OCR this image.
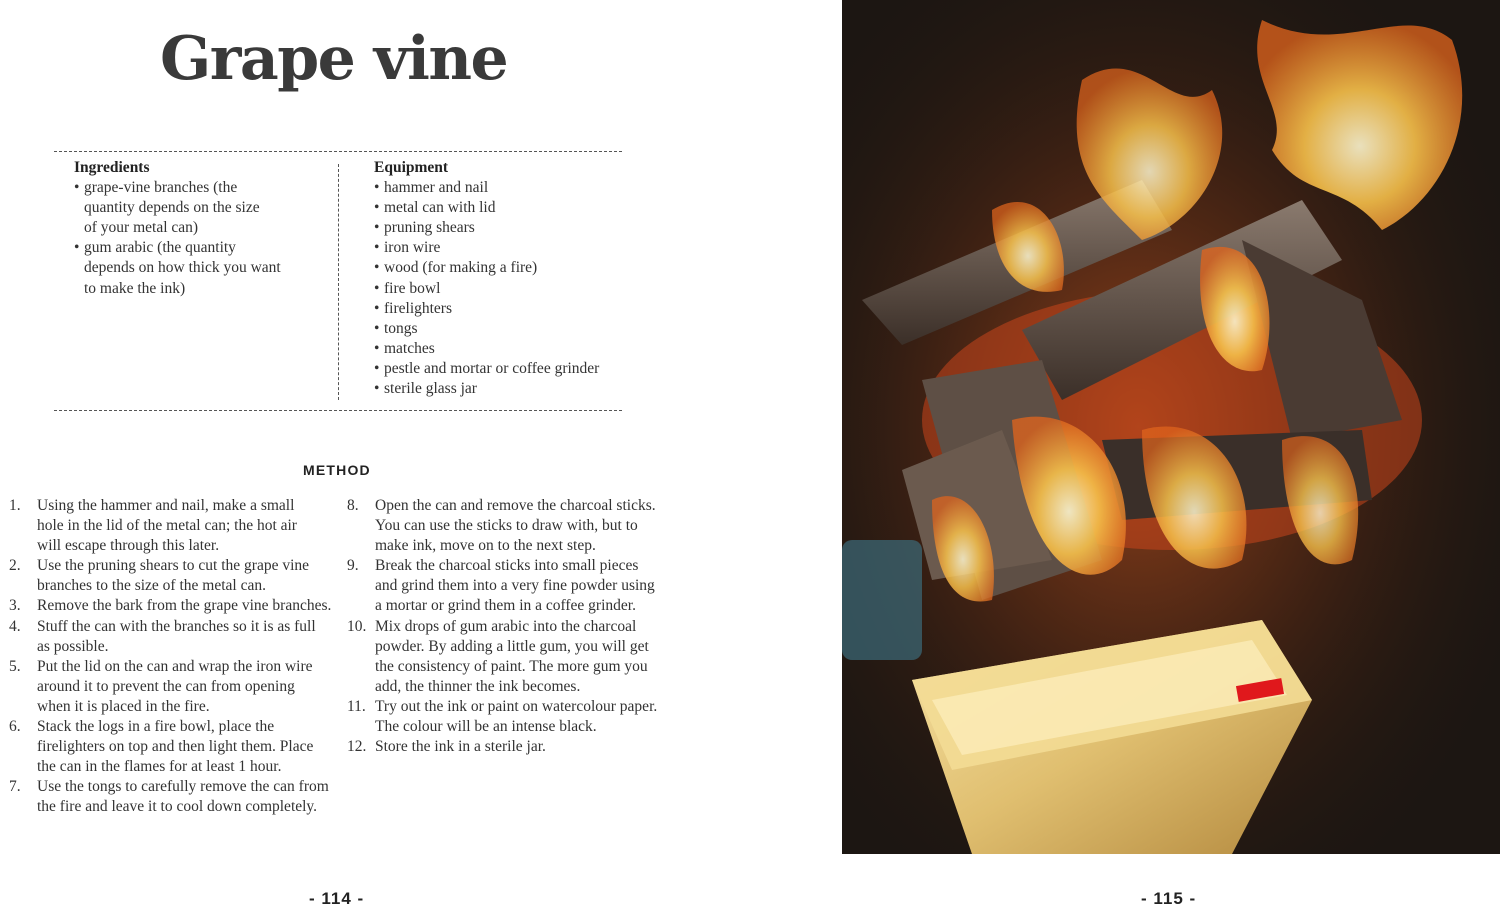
Grape vine
Ingredients
• grape-vine branches (the
quantity depends on the size
of your metal can)
• gum arabic (the quantity
depends on how thick you want
to make the ink)
Equipment
• hammer and nail
• metal can with lid
• pruning shears
• iron wire
• wood (for making a fire)
• fire bowl
• firelighters
• tongs
• matches
• pestle and mortar or coffee grinder
• sterile glass jar
METHOD
1. Using the hammer and nail, make a small
hole in the lid of the metal can; the hot air
will escape through this later.
2. Use the pruning shears to cut the grape vine
branches to the size of the metal can.
3. Remove the bark from the grape vine branches.
4. Stuff the can with the branches so it is as full
as possible.
5. Put the lid on the can and wrap the iron wire
around it to prevent the can from opening
when it is placed in the fire.
6. Stack the logs in a fire bowl, place the
firelighters on top and then light them. Place
the can in the flames for at least 1 hour.
7. Use the tongs to carefully remove the can from
the fire and leave it to cool down completely.
8. Open the can and remove the charcoal sticks.
You can use the sticks to draw with, but to
make ink, move on to the next step.
9. Break the charcoal sticks into small pieces
and grind them into a very fine powder using
a mortar or grind them in a coffee grinder.
10. Mix drops of gum arabic into the charcoal
powder. By adding a little gum, you will get
the consistency of paint. The more gum you
add, the thinner the ink becomes.
11. Try out the ink or paint on watercolour paper.
The colour will be an intense black.
12. Store the ink in a sterile jar.
- 114 -	- 115 -
